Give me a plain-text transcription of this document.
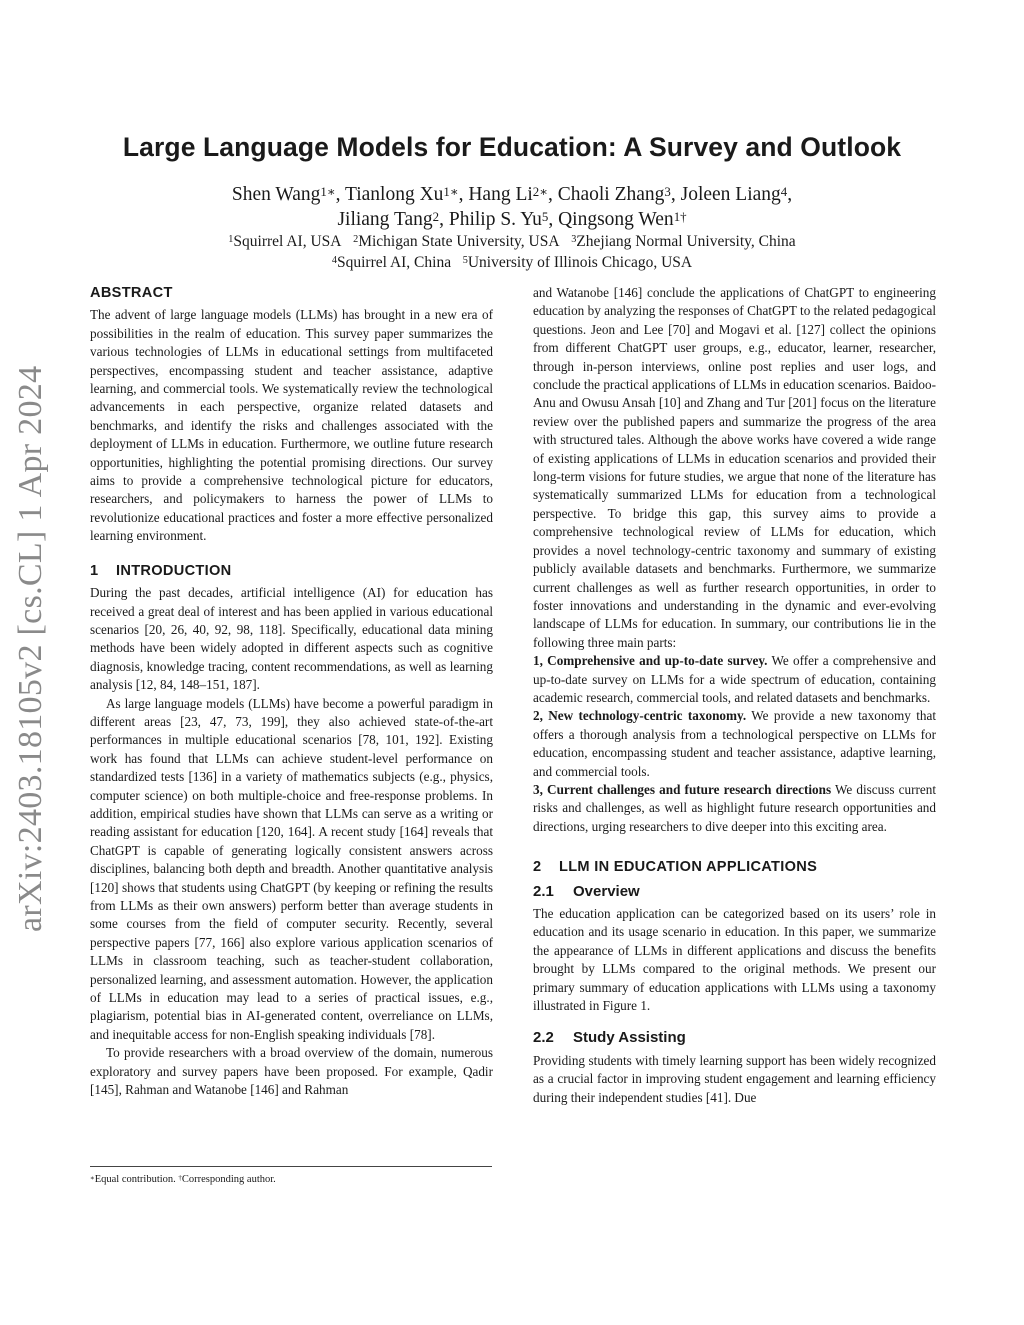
arXiv:2403.18105v2 [cs.CL] 1 Apr 2024
Large Language Models for Education: A Survey and Outlook
Shen Wang$^{1∗}$, Tianlong $Xu^{1∗}$, Hang $Li^{2∗}$, Chaoli Zhang$^3$, Joleen Liang$^4$,
Jiliang Tang$^2$, Philip S. Yu$^5$, Qingsong Wen$^{1\dagger}$
$^1$Squirrel AI, USA $^2$Michigan State University, USA $^3$Zhejiang Normal University, China
$^4$Squirrel AI, China $^5$University of Illinois Chicago, USA
ABSTRACT

The advent of large language models (LLMs) has brought in a new era of possibilities in the realm of education. This survey paper summarizes the various technologies of LLMs in educational settings from multifaceted perspectives, encompassing student and teacher assistance, adaptive learning, and commercial tools. We systematically review the technological advancements in each perspective, organize related datasets and benchmarks, and identify the risks and challenges associated with the deployment of LLMs in education. Furthermore, we outline future research opportunities, highlighting the potential promising directions. Our survey aims to provide a comprehensive technological picture for educators, researchers, and policymakers to harness the power of LLMs to revolutionize educational practices and foster a more effective personalized learning environment.

1 INTRODUCTION

During the past decades, artificial intelligence (AI) for education has received a great deal of interest and has been applied in various educational scenarios [20, 26, 40, 92, 98, 118]. Specifically, educational data mining methods have been widely adopted in different aspects such as cognitive diagnosis, knowledge tracing, content recommendations, as well as learning analysis [12, 84, 148–151, 187].

As large language models (LLMs) have become a powerful paradigm in different areas [23, 47, 73, 199], they also achieved state-of-the-art performances in multiple educational scenarios [78, 101, 192]. Existing work has found that LLMs can achieve student-level performance on standardized tests [136] in a variety of mathematics subjects (e.g., physics, computer science) on both multiple-choice and free-response problems. In addition, empirical studies have shown that LLMs can serve as a writing or reading assistant for education [120, 164]. A recent study [164] reveals that ChatGPT is capable of generating logically consistent answers across disciplines, balancing both depth and breadth. Another quantitative analysis [120] shows that students using ChatGPT (by keeping or refining the results from LLMs as their own answers) perform better than average students in some courses from the field of computer security. Recently, several perspective papers [77, 166] also explore various application scenarios of LLMs in classroom teaching, such as teacher-student collaboration, personalized learning, and assessment automation. However, the application of LLMs in education may lead to a series of practical issues, e.g., plagiarism, potential bias in AI-generated content, overreliance on LLMs, and inequitable access for non-English speaking individuals [78].

To provide researchers with a broad overview of the domain, numerous exploratory and survey papers have been proposed. For example, Qadir [145], Rahman and Watanobe [146] and Rahman

and Watanobe [146] conclude the applications of ChatGPT to engineering education by analyzing the responses of ChatGPT to the related pedagogical questions. Jeon and Lee [70] and Mogavi et al. [127] collect the opinions from different ChatGPT user groups, e.g., educator, learner, researcher, through in-person interviews, online post replies and user logs, and conclude the practical applications of LLMs in education scenarios. Baidoo-Anu and Owusu Ansah [10] and Zhang and Tur [201] focus on the literature review over the published papers and summarize the progress of the area with structured tales. Although the above works have covered a wide range of existing applications of LLMs in education scenarios and provided their long-term visions for future studies, we argue that none of the literature has systematically summarized LLMs for education from a technological perspective. To bridge this gap, this survey aims to provide a comprehensive technological review of LLMs for education, which provides a novel technology-centric taxonomy and summary of existing publicly available datasets and benchmarks. Furthermore, we summarize current challenges as well as further research opportunities, in order to foster innovations and understanding in the dynamic and ever-evolving landscape of LLMs for education. In summary, our contributions lie in the following three main parts:

1, Comprehensive and up-to-date survey. We offer a comprehensive and up-to-date survey on LLMs for a wide spectrum of education, containing academic research, commercial tools, and related datasets and benchmarks.

2, New technology-centric taxonomy. We provide a new taxonomy that offers a thorough analysis from a technological perspective on LLMs for education, encompassing student and teacher assistance, adaptive learning, and commercial tools.

3, Current challenges and future research directions We discuss current risks and challenges, as well as highlight future research opportunities and directions, urging researchers to dive deeper into this exciting area.

2 LLM IN EDUCATION APPLICATIONS
2.1 Overview

The education application can be categorized based on its users’ role in education and its usage scenario in education. In this paper, we summarize the appearance of LLMs in different applications and discuss the benefits brought by LLMs compared to the original methods. We present our primary summary of education applications with LLMs using a taxonomy illustrated in Figure 1.

2.2 Study Assisting

Providing students with timely learning support has been widely recognized as a crucial factor in improving student engagement and learning efficiency during their independent studies [41]. Due

∗Equal contribution. †Corresponding author.
